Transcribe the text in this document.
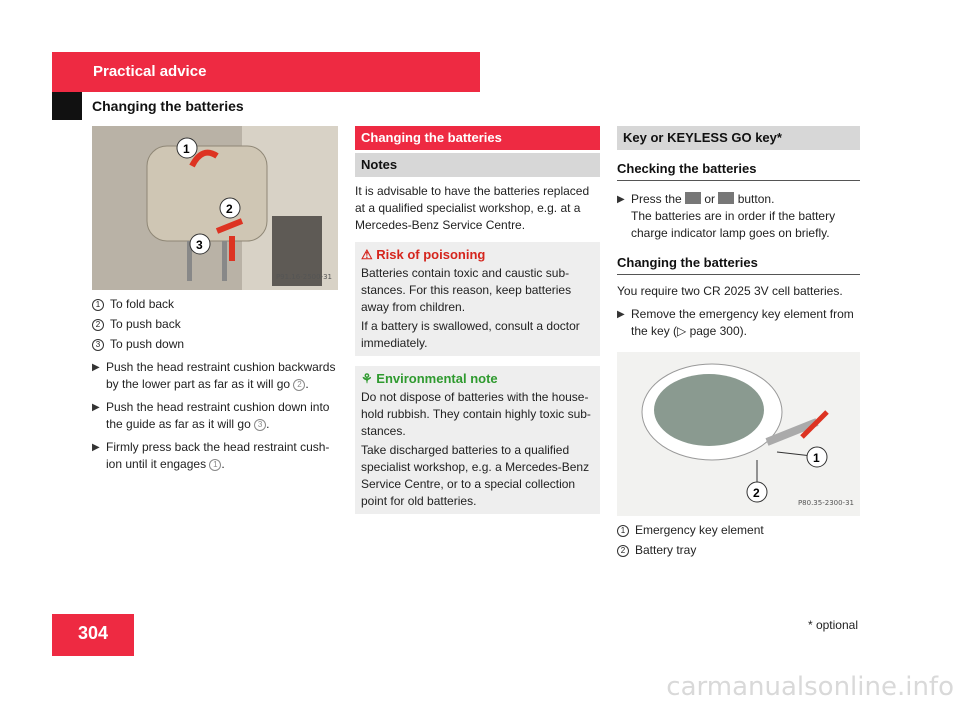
Practical advice
Changing the batteries
1
2
3
P91.16-2500-31

1 To fold back

2 To push back

3 To push down

▶ Push the head restraint cushion backwards by the lower part as far as it will go 2 .

▶ Push the head restraint cushion down into the guide as far as it will go 3 .

▶ Firmly press back the head restraint cush-ion until it engages 1 .

Changing the batteries
Notes

It is advisable to have the batteries replaced at a qualified specialist workshop, e.g. at a Mercedes-Benz Service Centre.

⚠ Risk of poisoning

Batteries contain toxic and caustic sub-stances. For this reason, keep batteries away from children.

If a battery is swallowed, consult a doctor immediately.

⚘ Environmental note

Do not dispose of batteries with the house-hold rubbish. They contain highly toxic sub-stances.

Take discharged batteries to a qualified specialist workshop, e.g. a Mercedes-Benz Service Centre, or to a special collection point for old batteries.

Key or KEYLESS GO key*
Checking the batteries

▶ Press the  or  button.

The batteries are in order if the battery charge indicator lamp goes on briefly.

Changing the batteries

You require two CR 2025 3V cell batteries.

▶ Remove the emergency key element from the key (▷ page 300).

1
2
P80.35-2300-31

1 Emergency key element

2 Battery tray

304	* optional
carmanualsonline.info
